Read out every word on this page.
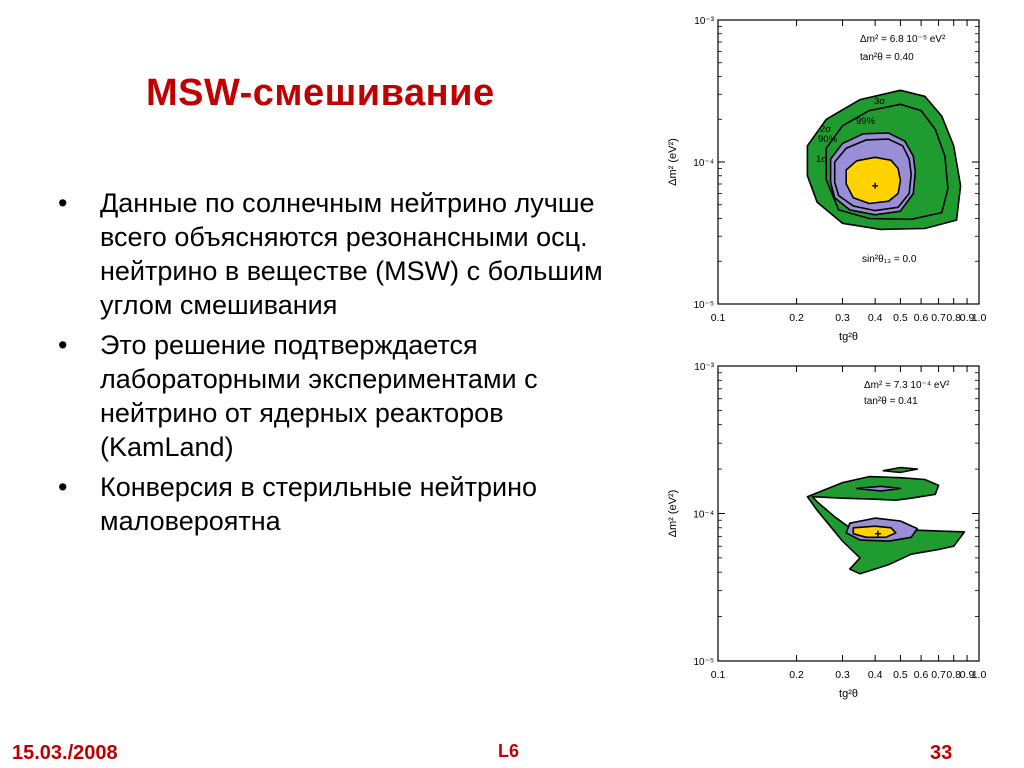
MSW-смешивание
• Данные по солнечным нейтрино лучше всего объясняются резонансными осц. нейтрино в веществе (MSW) с большим углом смешивания
• Это решение подтверждается лабораторными экспериментами с нейтрино от ядерных реакторов (KamLand)
• Конверсия в стерильные нейтрино маловероятна
0.1	0.2	0.3 0.4 0.5 0.6 0.7 0.8
0.9
1.0
10⁻⁵
10⁻⁴
10⁻³
tg²θ
Δm² (eV²)
Δm² = 6.8 10⁻⁵ eV²
tan²θ = 0.40
sin²θ₁₃ = 0.0
3σ
99%
2σ
90%
1σ
0.1	0.2	0.3 0.4 0.5 0.6 0.7 0.8
0.9
1.0
10⁻⁵
10⁻⁴
10⁻³
tg²θ
Δm² (eV²)
Δm² = 7.3 10⁻⁴ eV²
tan²θ = 0.41
15.03./2008	L6	33
